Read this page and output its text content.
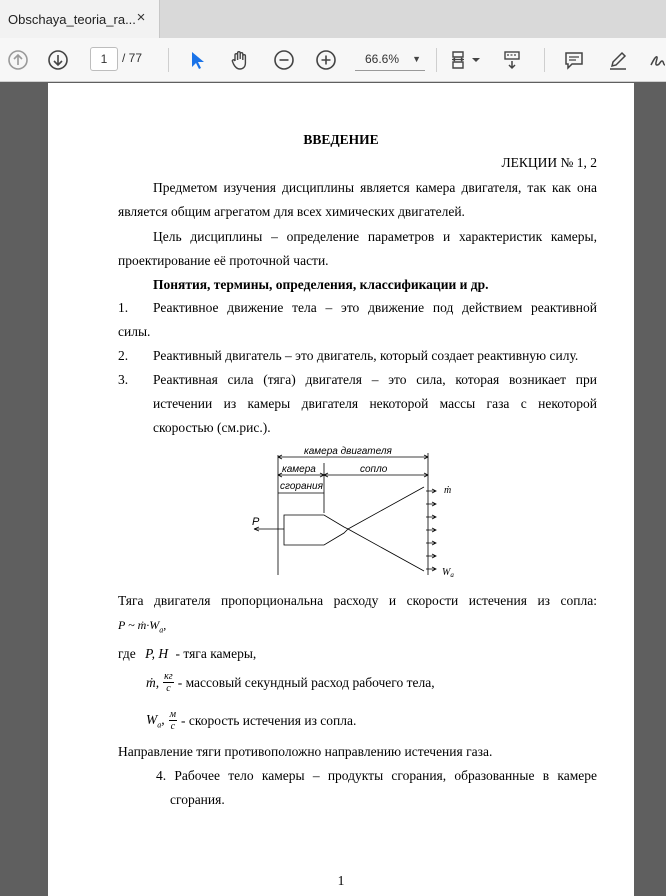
Obschaya_teoria_ra... ×
1	/ 77	66.6% ▼
ВВЕДЕНИЕ
ЛЕКЦИИ № 1, 2
Предметом изучения дисциплины является камера двигателя, так как она
является общим агрегатом для всех химических двигателей.
Цель дисциплины – определение параметров и характеристик камеры,
проектирование её проточной части.
Понятия, термины, определения, классификации и др.
1. Реактивное движение тела – это движение под действием реактивной
силы.
2. Реактивный двигатель – это двигатель, который создает реактивную силу.
3. Реактивная сила (тяга) двигателя – это сила, которая возникает при
истечении из камеры двигателя некоторой массы газа с некоторой
скоростью (см.рис.).
камера двигателя
камера
сгорания
сопло
P
ṁ
$W_a$
Тяга двигателя пропорциональна расходу и скорости истечения из сопла:
P ~ $ṁ\cdot W_a$,
где P, H - тяга камеры,
ṁ, кг
с - массовый секундный расход рабочего тела,
$W_a$, м
с - скорость истечения из сопла.
Направление тяги противоположно направлению истечения газа.
4. Рабочее тело камеры – продукты сгорания, образованные в камере
сгорания.
1
